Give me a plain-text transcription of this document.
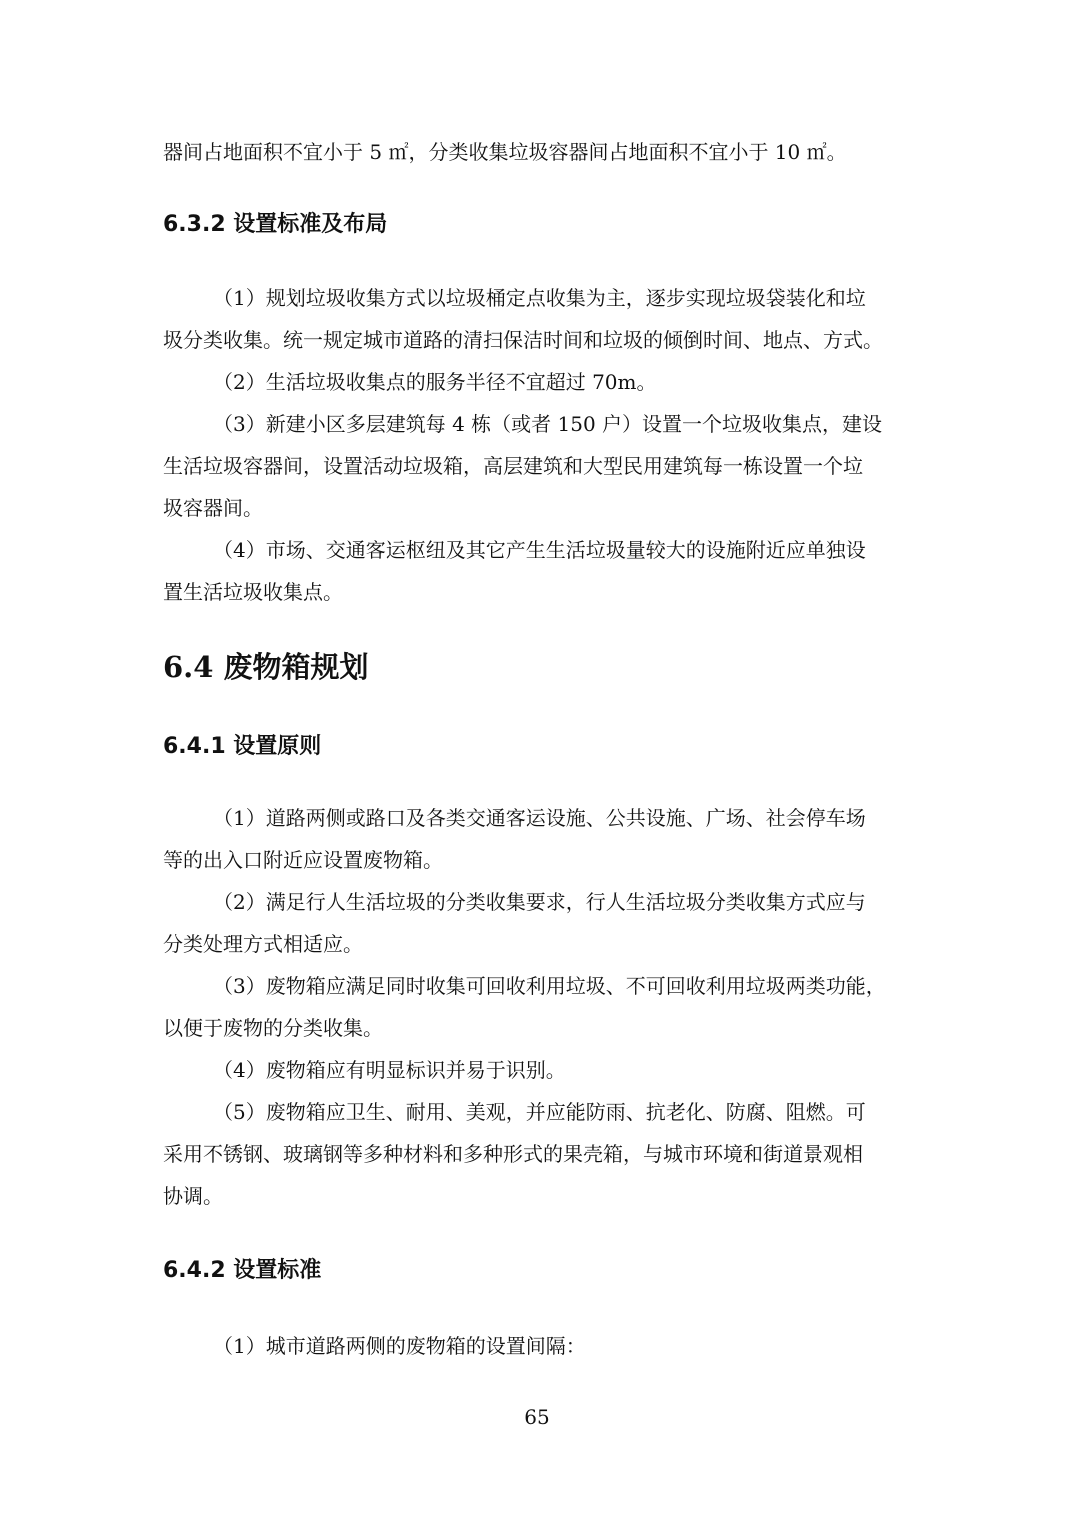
器间占地面积不宜小于 5 ㎡，分类收集垃圾容器间占地面积不宜小于 10 ㎡。

6.3.2 设置标准及布局

（1）规划垃圾收集方式以垃圾桶定点收集为主，逐步实现垃圾袋装化和垃

圾分类收集。统一规定城市道路的清扫保洁时间和垃圾的倾倒时间、地点、方式。

（2）生活垃圾收集点的服务半径不宜超过 70m。

（3）新建小区多层建筑每 4 栋（或者 150 户）设置一个垃圾收集点，建设

生活垃圾容器间，设置活动垃圾箱，高层建筑和大型民用建筑每一栋设置一个垃

圾容器间。

（4）市场、交通客运枢纽及其它产生生活垃圾量较大的设施附近应单独设

置生活垃圾收集点。

6.4 废物箱规划
6.4.1 设置原则

（1）道路两侧或路口及各类交通客运设施、公共设施、广场、社会停车场

等的出入口附近应设置废物箱。

（2）满足行人生活垃圾的分类收集要求，行人生活垃圾分类收集方式应与

分类处理方式相适应。

（3）废物箱应满足同时收集可回收利用垃圾、不可回收利用垃圾两类功能，

以便于废物的分类收集。

（4）废物箱应有明显标识并易于识别。

（5）废物箱应卫生、耐用、美观，并应能防雨、抗老化、防腐、阻燃。可

采用不锈钢、玻璃钢等多种材料和多种形式的果壳箱，与城市环境和街道景观相

协调。

6.4.2 设置标准

（1）城市道路两侧的废物箱的设置间隔：

65
